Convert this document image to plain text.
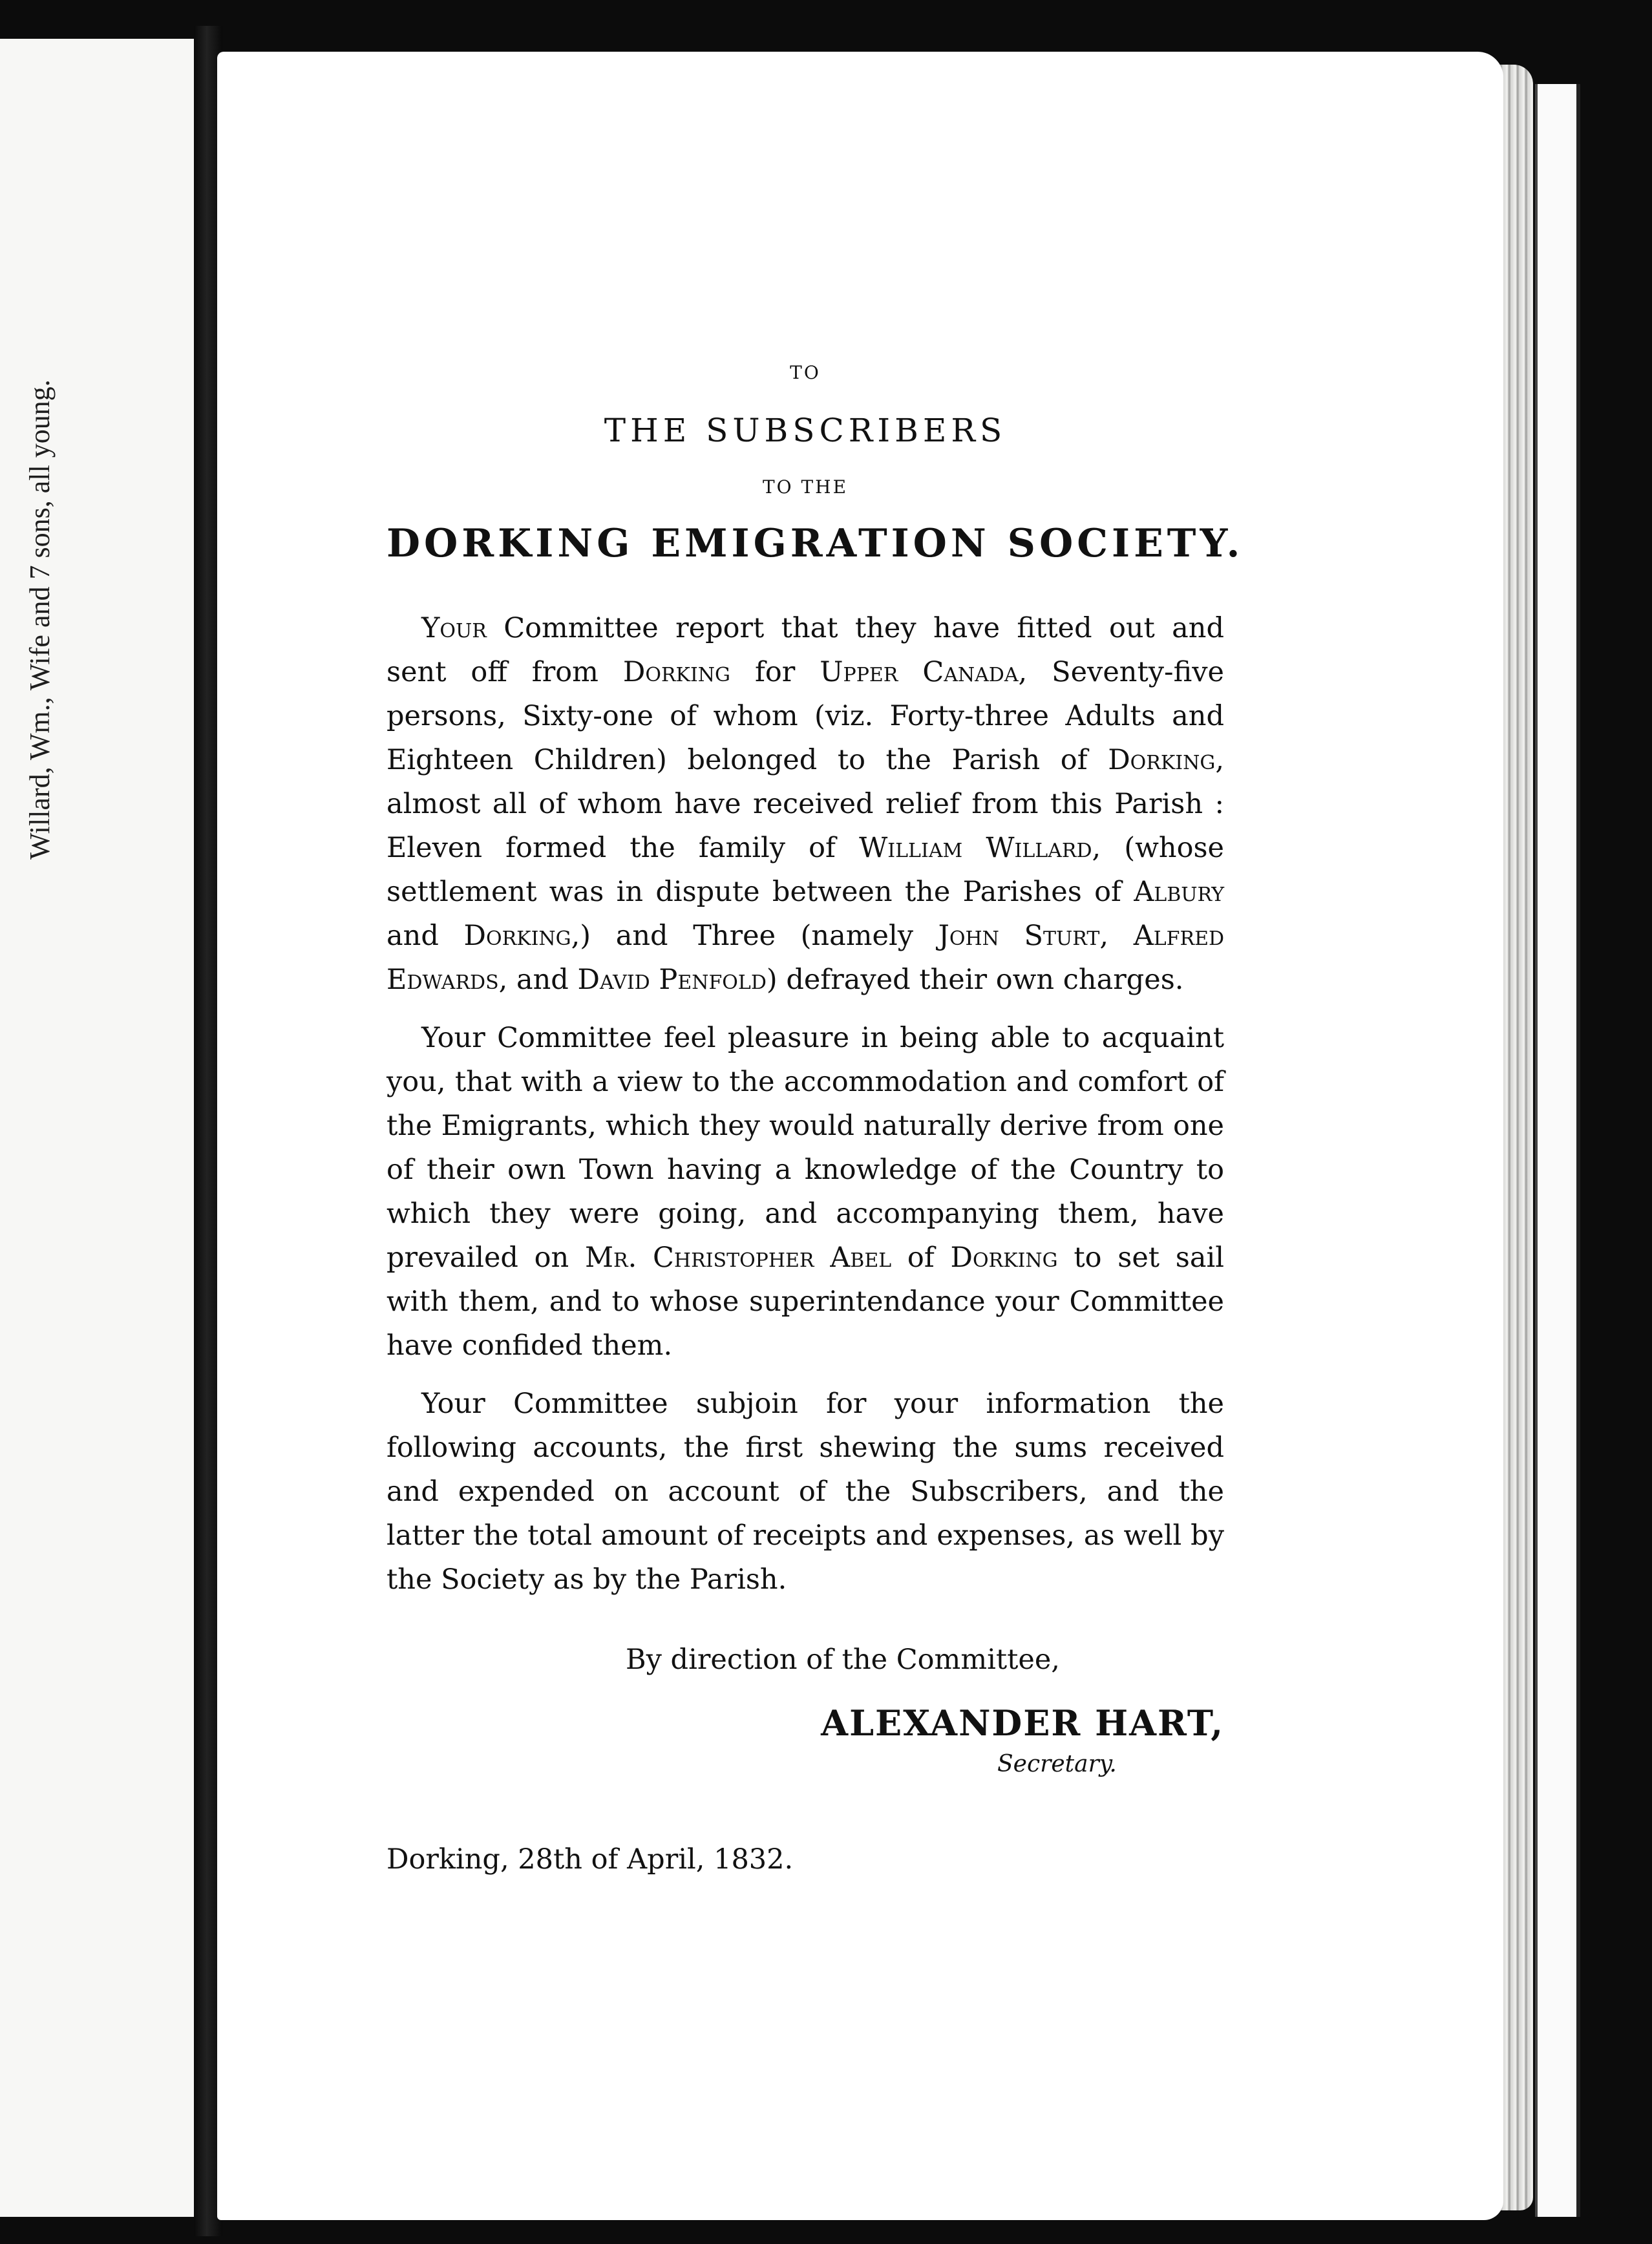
Willard, Wm., Wife and 7 sons, all young.
TO
THE SUBSCRIBERS
TO THE
DORKING EMIGRATION SOCIETY.

Your Committee report that they have fitted out and sent off from Dorking for Upper Canada, Seventy-five persons, Sixty-one of whom (viz. Forty-three Adults and Eighteen Children) belonged to the Parish of Dorking, almost all of whom have received relief from this Parish : Eleven formed the family of William Willard, (whose settlement was in dispute between the Parishes of Albury and Dorking,) and Three (namely John Sturt, Alfred Edwards, and David Penfold) defrayed their own charges.

Your Committee feel pleasure in being able to acquaint you, that with a view to the accommodation and comfort of the Emigrants, which they would naturally derive from one of their own Town having a knowledge of the Country to which they were going, and accompanying them, have prevailed on Mr. Christopher Abel of Dorking to set sail with them, and to whose superintendance your Committee have confided them.

Your Committee subjoin for your information the following accounts, the first shewing the sums received and expended on account of the Subscribers, and the latter the total amount of receipts and expenses, as well by the Society as by the Parish.

By direction of the Committee,
ALEXANDER HART,
Secretary.
Dorking, 28th of April, 1832.
